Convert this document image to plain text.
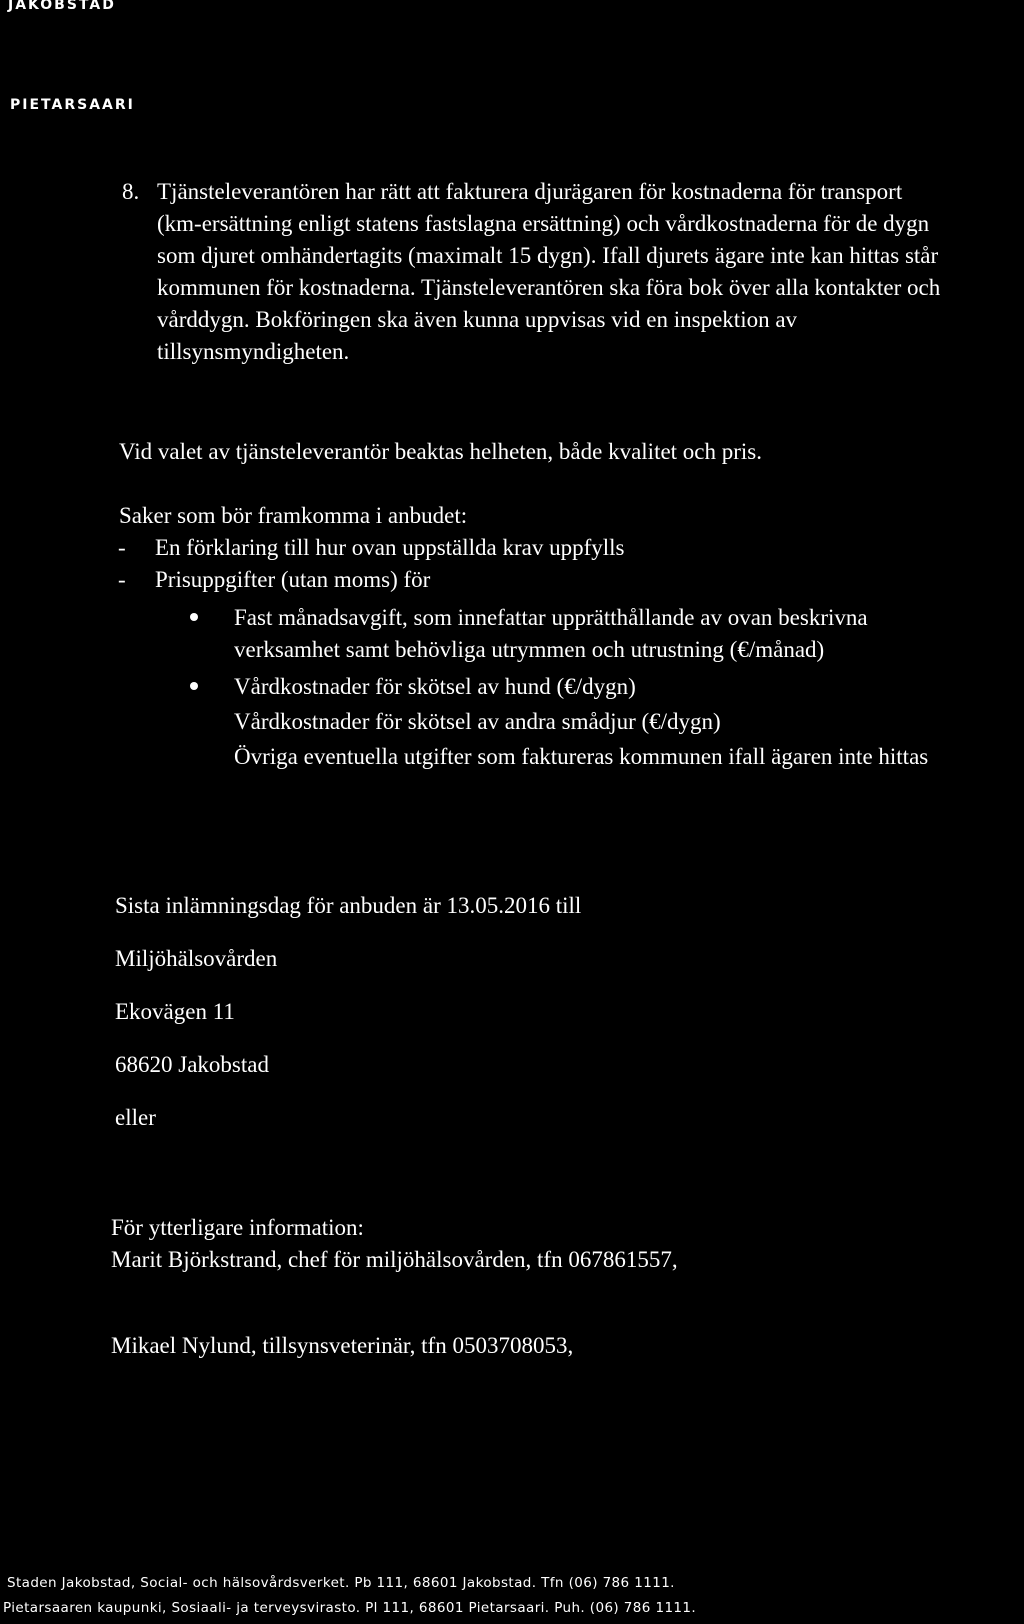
JAKOBSTAD
PIETARSAARI
8. Tjänsteleverantören har rätt att fakturera djurägaren för kostnaderna för transport
(km-ersättning enligt statens fastslagna ersättning) och vårdkostnaderna för de dygn
som djuret omhändertagits (maximalt 15 dygn). Ifall djurets ägare inte kan hittas står
kommunen för kostnaderna. Tjänsteleverantören ska föra bok över alla kontakter och
vårddygn. Bokföringen ska även kunna uppvisas vid en inspektion av
tillsynsmyndigheten.
Vid valet av tjänsteleverantör beaktas helheten, både kvalitet och pris.
Saker som bör framkomma i anbudet:
- En förklaring till hur ovan uppställda krav uppfylls
- Prisuppgifter (utan moms) för
Fast månadsavgift, som innefattar upprätthållande av ovan beskrivna
verksamhet samt behövliga utrymmen och utrustning (€/månad)
Vårdkostnader för skötsel av hund (€/dygn)
Vårdkostnader för skötsel av andra smådjur (€/dygn)
Övriga eventuella utgifter som faktureras kommunen ifall ägaren inte hittas
Sista inlämningsdag för anbuden är 13.05.2016 till
Miljöhälsovården
Ekovägen 11
68620 Jakobstad
eller
För ytterligare information:
Marit Björkstrand, chef för miljöhälsovården, tfn 067861557,
Mikael Nylund, tillsynsveterinär, tfn 0503708053,
Staden Jakobstad, Social- och hälsovårdsverket. Pb 111, 68601 Jakobstad. Tfn (06) 786 1111.
Pietarsaaren kaupunki, Sosiaali- ja terveysvirasto. Pl 111, 68601 Pietarsaari. Puh. (06) 786 1111.
